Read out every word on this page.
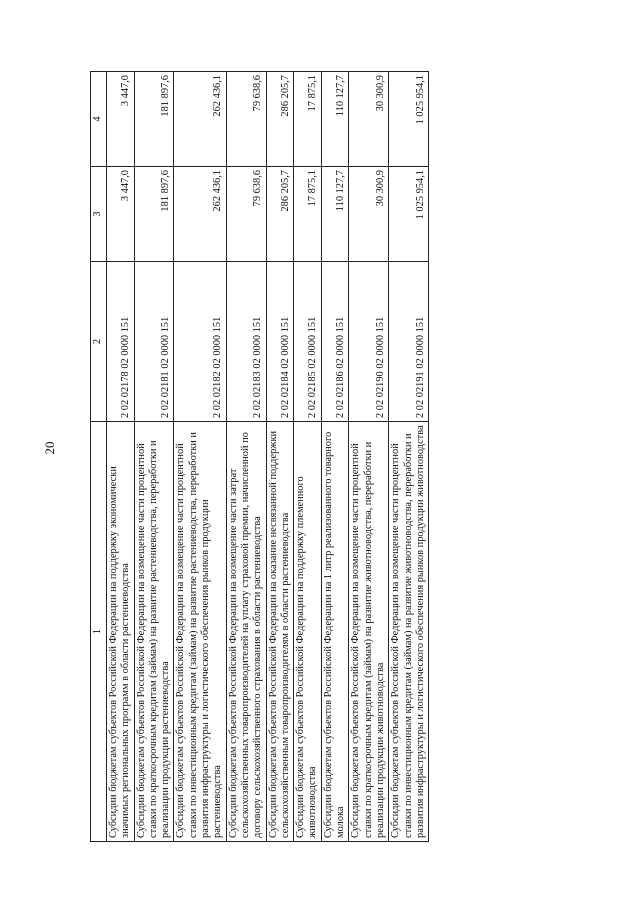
20
1	2	3	4
Субсидии бюджетам субъектов Российской Федерации на поддержку экономически значимых региональных программ в области растениеводства	2 02 02178 02 0000 151	3 447,0	3 447,0
Субсидии бюджетам субъектов Российской Федерации на возмещение части процентной ставки по краткосрочным кредитам (займам) на развитие растениеводства, переработки и реализации продукции растениеводства	2 02 02181 02 0000 151	181 897,6	181 897,6
Субсидии бюджетам субъектов Российской Федерации на возмещение части процентной ставки по инвестиционным кредитам (займам) на развитие растениеводства, переработки и развития инфраструктуры и логистического обеспечения рынков продукции растениеводства	2 02 02182 02 0000 151	262 436,1	262 436,1
Субсидии бюджетам субъектов Российской Федерации на возмещение части затрат сельскохозяйственных товаропроизводителей на уплату страховой премии, начисленной по договору сельскохозяйственного страхования в области растениеводства	2 02 02183 02 0000 151	79 638,6	79 638,6
Субсидии бюджетам субъектов Российской Федерации на оказание несвязанной поддержки сельскохозяйственным товаропроизводителям в области растениеводства	2 02 02184 02 0000 151	286 205,7	286 205,7
Субсидии бюджетам субъектов Российской Федерации на поддержку племенного животноводства	2 02 02185 02 0000 151	17 875,1	17 875,1
Субсидии бюджетам субъектов Российской Федерации на 1 литр реализованного товарного молока	2 02 02186 02 0000 151	110 127,7	110 127,7
Субсидии бюджетам субъектов Российской Федерации на возмещение части процентной ставки по краткосрочным кредитам (займам) на развитие животноводства, переработки и реализации продукции животноводства	2 02 02190 02 0000 151	30 300,9	30 300,9
Субсидии бюджетам субъектов Российской Федерации на возмещение части процентной ставки по инвестиционным кредитам (займам) на развитие животноводства, переработки и развития инфраструктуры и логистического обеспечения рынков продукции животноводства	2 02 02191 02 0000 151	1 025 954,1	1 025 954,1
